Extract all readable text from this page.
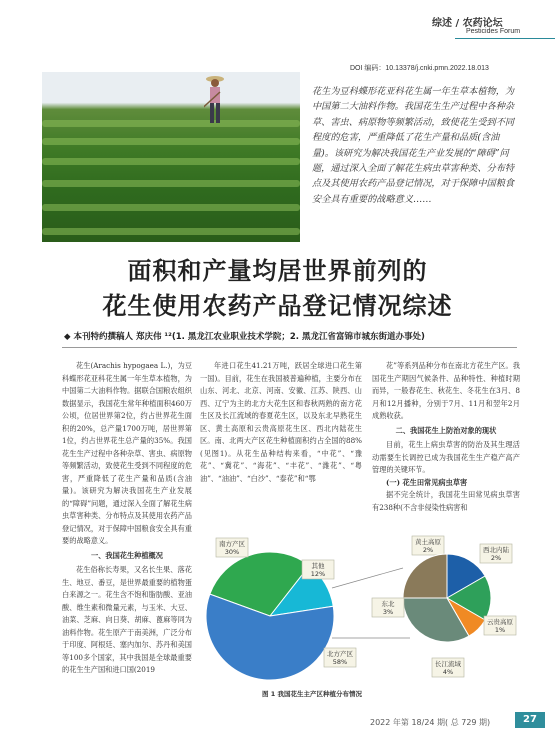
综述 / 农药论坛
Pesticides Forum
DOI 编码：10.13378/j.cnki.pmn.2022.18.013
花生为豆科蝶形花亚科花生属一年生草本植物，为中国第二大油料作物。我国花生生产过程中各种杂草、害虫、病原物等频繁活动，致使花生受到不同程度的危害，严重降低了花生产量和品质(含油量)。该研究为解决我国花生产业发展的“障碍”问题，通过深入全面了解花生病虫草害种类、分布特点及其使用农药产品登记情况，对于保障中国粮食安全具有重要的战略意义……
面积和产量均居世界前列的
花生使用农药产品登记情况综述
◆ 本刊特约撰稿人 郑庆伟 ¹²(1. 黑龙江农业职业技术学院；2. 黑龙江省富锦市城东街道办事处)

花生(Arachis hypogaea L.)，为豆科蝶形花亚科花生属一年生草本植物，为中国第二大油料作物。据联合国粮农组织数据显示，我国花生常年种植面积460万公顷，位居世界第2位，约占世界花生面积的20%，总产量1700万吨，居世界第1位，约占世界花生总产量的35%。我国花生生产过程中各种杂草、害虫、病原物等频繁活动，致使花生受到不同程度的危害，严重降低了花生产量和品质(含油量)。该研究为解决我国花生产业发展的“障碍”问题，通过深入全面了解花生病虫草害种类、分布特点及其使用农药产品登记情况，对于保障中国粮食安全具有重要的战略意义。

一、我国花生种植概况

花生俗称长寿果，又名长生果、落花生、地豆、番豆，是世界最重要的植物蛋白来源之一。花生含不饱和脂肪酸、亚油酸、维生素和微量元素，与玉米、大豆、油菜、芝麻、向日葵、胡麻、蓖麻等同为油料作物。花生原产于南美洲，广泛分布于印度、阿根廷、塞内加尔、苏丹和美国等100多个国家，其中我国是全球最重要的花生生产国和进口国(2019

年进口花生41.21万吨，跃居全球进口花生第一国)。目前，花生在我国被普遍种植，主要分布在山东、河北、北京、河南、安徽、江苏、陕西、山西、辽宁为主的北方大花生区和春秋两熟的南方花生区及长江流域的春夏花生区，以及东北早熟花生区、黄土高原和云贵高原花生区、西北内陆花生区。南、北两大产区花生种植面积约占全国的88%(见图1)。从花生品种结构来看，“中花”、“豫花”、“冀花”、“海花”、“丰花”、“潍花”、“粤油”、“油油”、“白沙”、“泰花”和“鄂

花”等系列品种分布在南北方花生产区。我国花生产期因气候条件、品种特性、种植时期而异，一般春花生、秋花生、冬花生在3月、8月和12月播种，分别于7月、11月和翌年2月成熟收获。

二、我国花生上防治对象的现状

目前，花生上病虫草害的防治及其生理活动需要生长调控已成为我国花生生产稳产高产管理的关键环节。

(一) 花生田常见病虫草害

据不完全统计，我国花生田常见病虫草害有238种(不含非侵染性病害和

南方产区
30%
其他
12%
北方产区
58%
黄土高原
2%	西北内陆
2%
云贵高原
1%
长江流域
4%
东北
3%
图 1 我国花生主产区种植分布情况
2022 年第 18/24 期( 总 729 期)	27
